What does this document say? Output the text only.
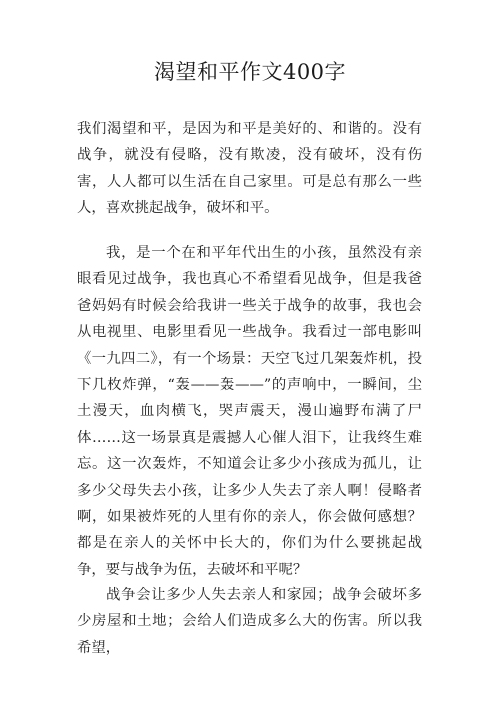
渴望和平作文400字

我们渴望和平，是因为和平是美好的、和谐的。没有战争，就没有侵略，没有欺凌，没有破坏，没有伤害，人人都可以生活在自己家里。可是总有那么一些人，喜欢挑起战争，破坏和平。

我，是一个在和平年代出生的小孩，虽然没有亲眼看见过战争，我也真心不希望看见战争，但是我爸爸妈妈有时候会给我讲一些关于战争的故事，我也会从电视里、电影里看见一些战争。我看过一部电影叫《一九四二》，有一个场景：天空飞过几架轰炸机，投下几枚炸弹，“轰——轰——”的声响中，一瞬间，尘土漫天，血肉横飞，哭声震天，漫山遍野布满了尸体……这一场景真是震撼人心催人泪下，让我终生难忘。这一次轰炸，不知道会让多少小孩成为孤儿，让多少父母失去小孩，让多少人失去了亲人啊！侵略者啊，如果被炸死的人里有你的亲人，你会做何感想？都是在亲人的关怀中长大的，你们为什么要挑起战争，要与战争为伍，去破坏和平呢？

战争会让多少人失去亲人和家园；战争会破坏多少房屋和土地；会给人们造成多么大的伤害。所以我希望，
